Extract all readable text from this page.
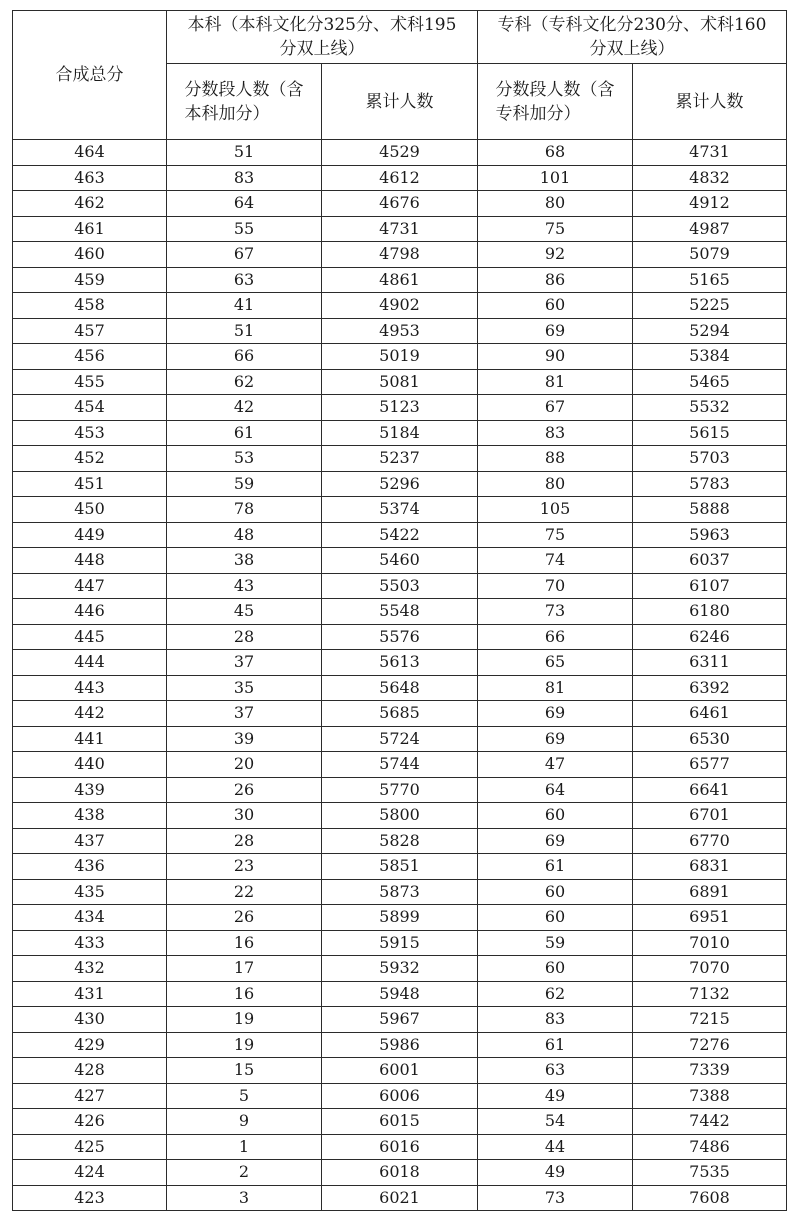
合成总分	本科（本科文化分325分、术科195
分双上线）		专科（专科文化分230分、术科160
分双上线）	

	分数段人数（含
本科加分）	累计人数	分数段人数（含
专科加分）	累计人数
464	51	4529	68	4731
463	83	4612	101	4832
462	64	4676	80	4912
461	55	4731	75	4987
460	67	4798	92	5079
459	63	4861	86	5165
458	41	4902	60	5225
457	51	4953	69	5294
456	66	5019	90	5384
455	62	5081	81	5465
454	42	5123	67	5532
453	61	5184	83	5615
452	53	5237	88	5703
451	59	5296	80	5783
450	78	5374	105	5888
449	48	5422	75	5963
448	38	5460	74	6037
447	43	5503	70	6107
446	45	5548	73	6180
445	28	5576	66	6246
444	37	5613	65	6311
443	35	5648	81	6392
442	37	5685	69	6461
441	39	5724	69	6530
440	20	5744	47	6577
439	26	5770	64	6641
438	30	5800	60	6701
437	28	5828	69	6770
436	23	5851	61	6831
435	22	5873	60	6891
434	26	5899	60	6951
433	16	5915	59	7010
432	17	5932	60	7070
431	16	5948	62	7132
430	19	5967	83	7215
429	19	5986	61	7276
428	15	6001	63	7339
427	5	6006	49	7388
426	9	6015	54	7442
425	1	6016	44	7486
424	2	6018	49	7535
423	3	6021	73	7608
